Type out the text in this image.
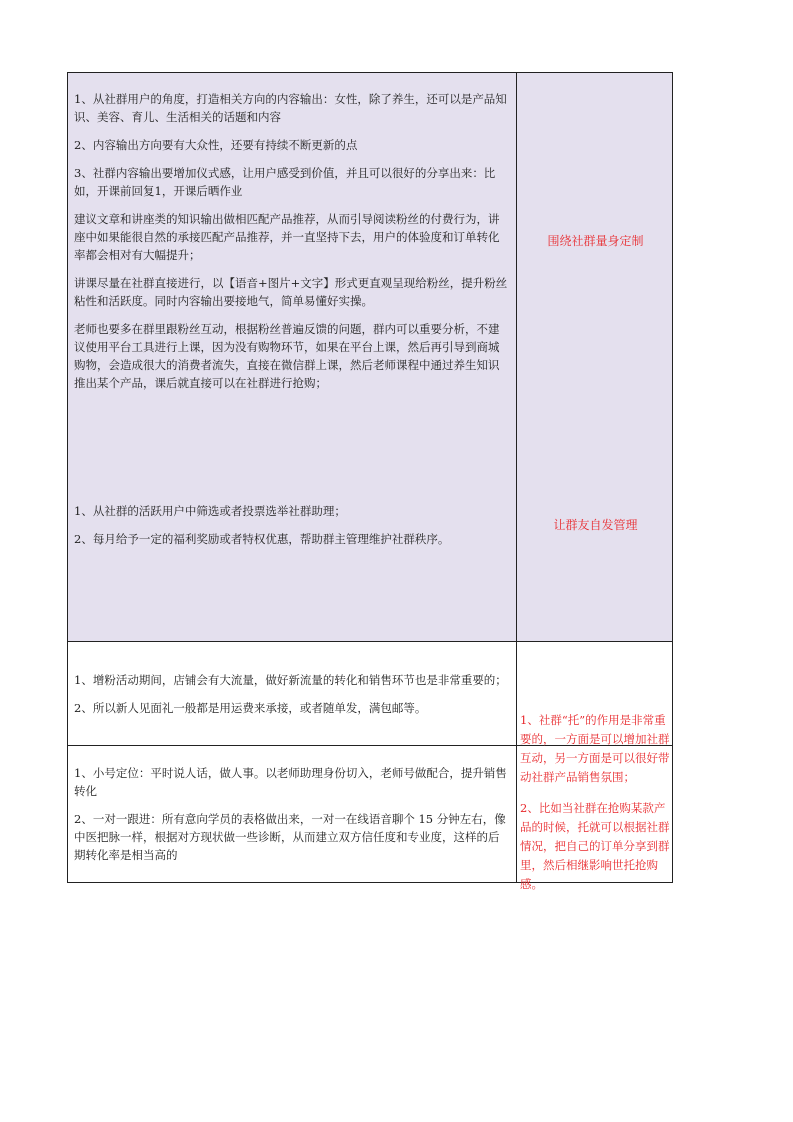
1、从社群用户的角度，打造相关方向的内容输出：女性，除了养生，还可以是产品知识、美容、育儿、生活相关的话题和内容

2、内容输出方向要有大众性，还要有持续不断更新的点

3、社群内容输出要增加仪式感，让用户感受到价值，并且可以很好的分享出来：比如，开课前回复1，开课后晒作业

建议文章和讲座类的知识输出做相匹配产品推荐，从而引导阅读粉丝的付费行为，讲座中如果能很自然的承接匹配产品推荐，并一直坚持下去，用户的体验度和订单转化率都会相对有大幅提升；

讲课尽量在社群直接进行，以【语音+图片+文字】形式更直观呈现给粉丝，提升粉丝粘性和活跃度。同时内容输出要接地气，简单易懂好实操。

老师也要多在群里跟粉丝互动，根据粉丝普遍反馈的问题，群内可以重要分析，不建议使用平台工具进行上课，因为没有购物环节，如果在平台上课，然后再引导到商城购物，会造成很大的消费者流失，直接在微信群上课，然后老师课程中通过养生知识推出某个产品，课后就直接可以在社群进行抢购；

围绕社群量身定制

1、从社群的活跃用户中筛选或者投票选举社群助理；

2、每月给予一定的福利奖励或者特权优惠，帮助群主管理维护社群秩序。

让群友自发管理

1、增粉活动期间，店铺会有大流量，做好新流量的转化和销售环节也是非常重要的；

2、所以新人见面礼一般都是用运费来承接，或者随单发，满包邮等。

1、小号定位：平时说人话，做人事。以老师助理身份切入，老师号做配合，提升销售转化

2、一对一跟进：所有意向学员的表格做出来，一对一在线语音聊个 15 分钟左右，像中医把脉一样，根据对方现状做一些诊断，从而建立双方信任度和专业度，这样的后期转化率是相当高的

1、社群“托”的作用是非常重要的，一方面是可以增加社群互动，另一方面是可以很好带动社群产品销售氛围；

2、比如当社群在抢购某款产品的时候，托就可以根据社群情况，把自己的订单分享到群里，然后相继影响世托抢购感。
